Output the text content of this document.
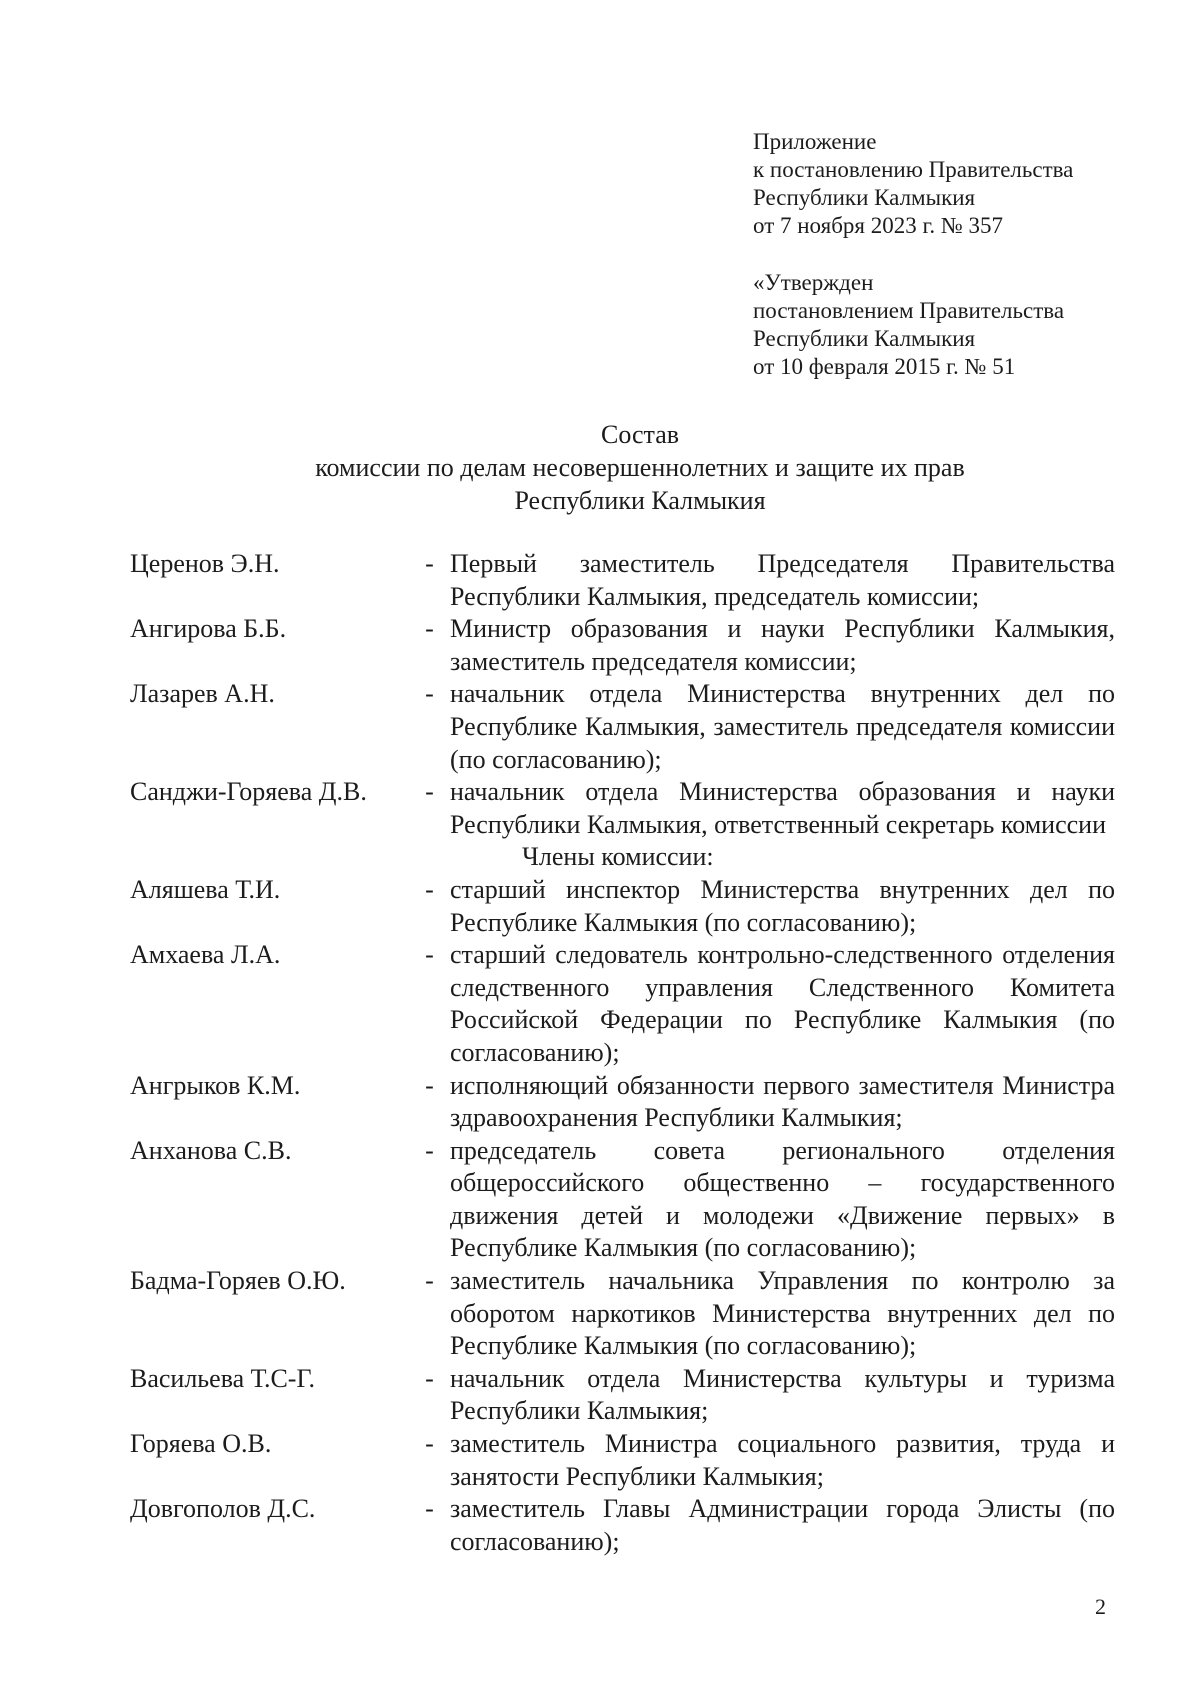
Приложение
к постановлению Правительства
Республики Калмыкия
от 7 ноября 2023 г. № 357
«Утвержден
постановлением Правительства
Республики Калмыкия
от 10 февраля 2015 г. № 51
Состав
комиссии по делам несовершеннолетних и защите их прав
Республики Калмыкия
Церенов Э.Н.	- Первый заместитель Председателя Правительства Республики Калмыкия, председатель комиссии;
Ангирова Б.Б.	- Министр образования и науки Республики Калмыкия, заместитель председателя комиссии;
Лазарев А.Н.	- начальник отдела Министерства внутренних дел по Республике Калмыкия, заместитель председателя комиссии (по согласованию);
Санджи-Горяева Д.В.	- начальник отдела Министерства образования и науки Республики Калмыкия, ответственный секретарь комиссии
Члены комиссии:
Аляшева Т.И.	- старший инспектор Министерства внутренних дел по Республике Калмыкия (по согласованию);
Амхаева Л.А.	- старший следователь контрольно-следственного отделения следственного управления Следственного Комитета Российской Федерации по Республике Калмыкия (по согласованию);
Ангрыков К.М.	- исполняющий обязанности первого заместителя Министра здравоохранения Республики Калмыкия;
Анханова С.В.	- председатель совета регионального отделения общероссийского общественно – государственного движения детей и молодежи «Движение первых» в Республике Калмыкия (по согласованию);
Бадма-Горяев О.Ю.	- заместитель начальника Управления по контролю за оборотом наркотиков Министерства внутренних дел по Республике Калмыкия (по согласованию);
Васильева Т.С-Г.	- начальник отдела Министерства культуры и туризма Республики Калмыкия;
Горяева О.В.	- заместитель Министра социального развития, труда и занятости Республики Калмыкия;
Довгополов Д.С.	- заместитель Главы Администрации города Элисты (по согласованию);
2
